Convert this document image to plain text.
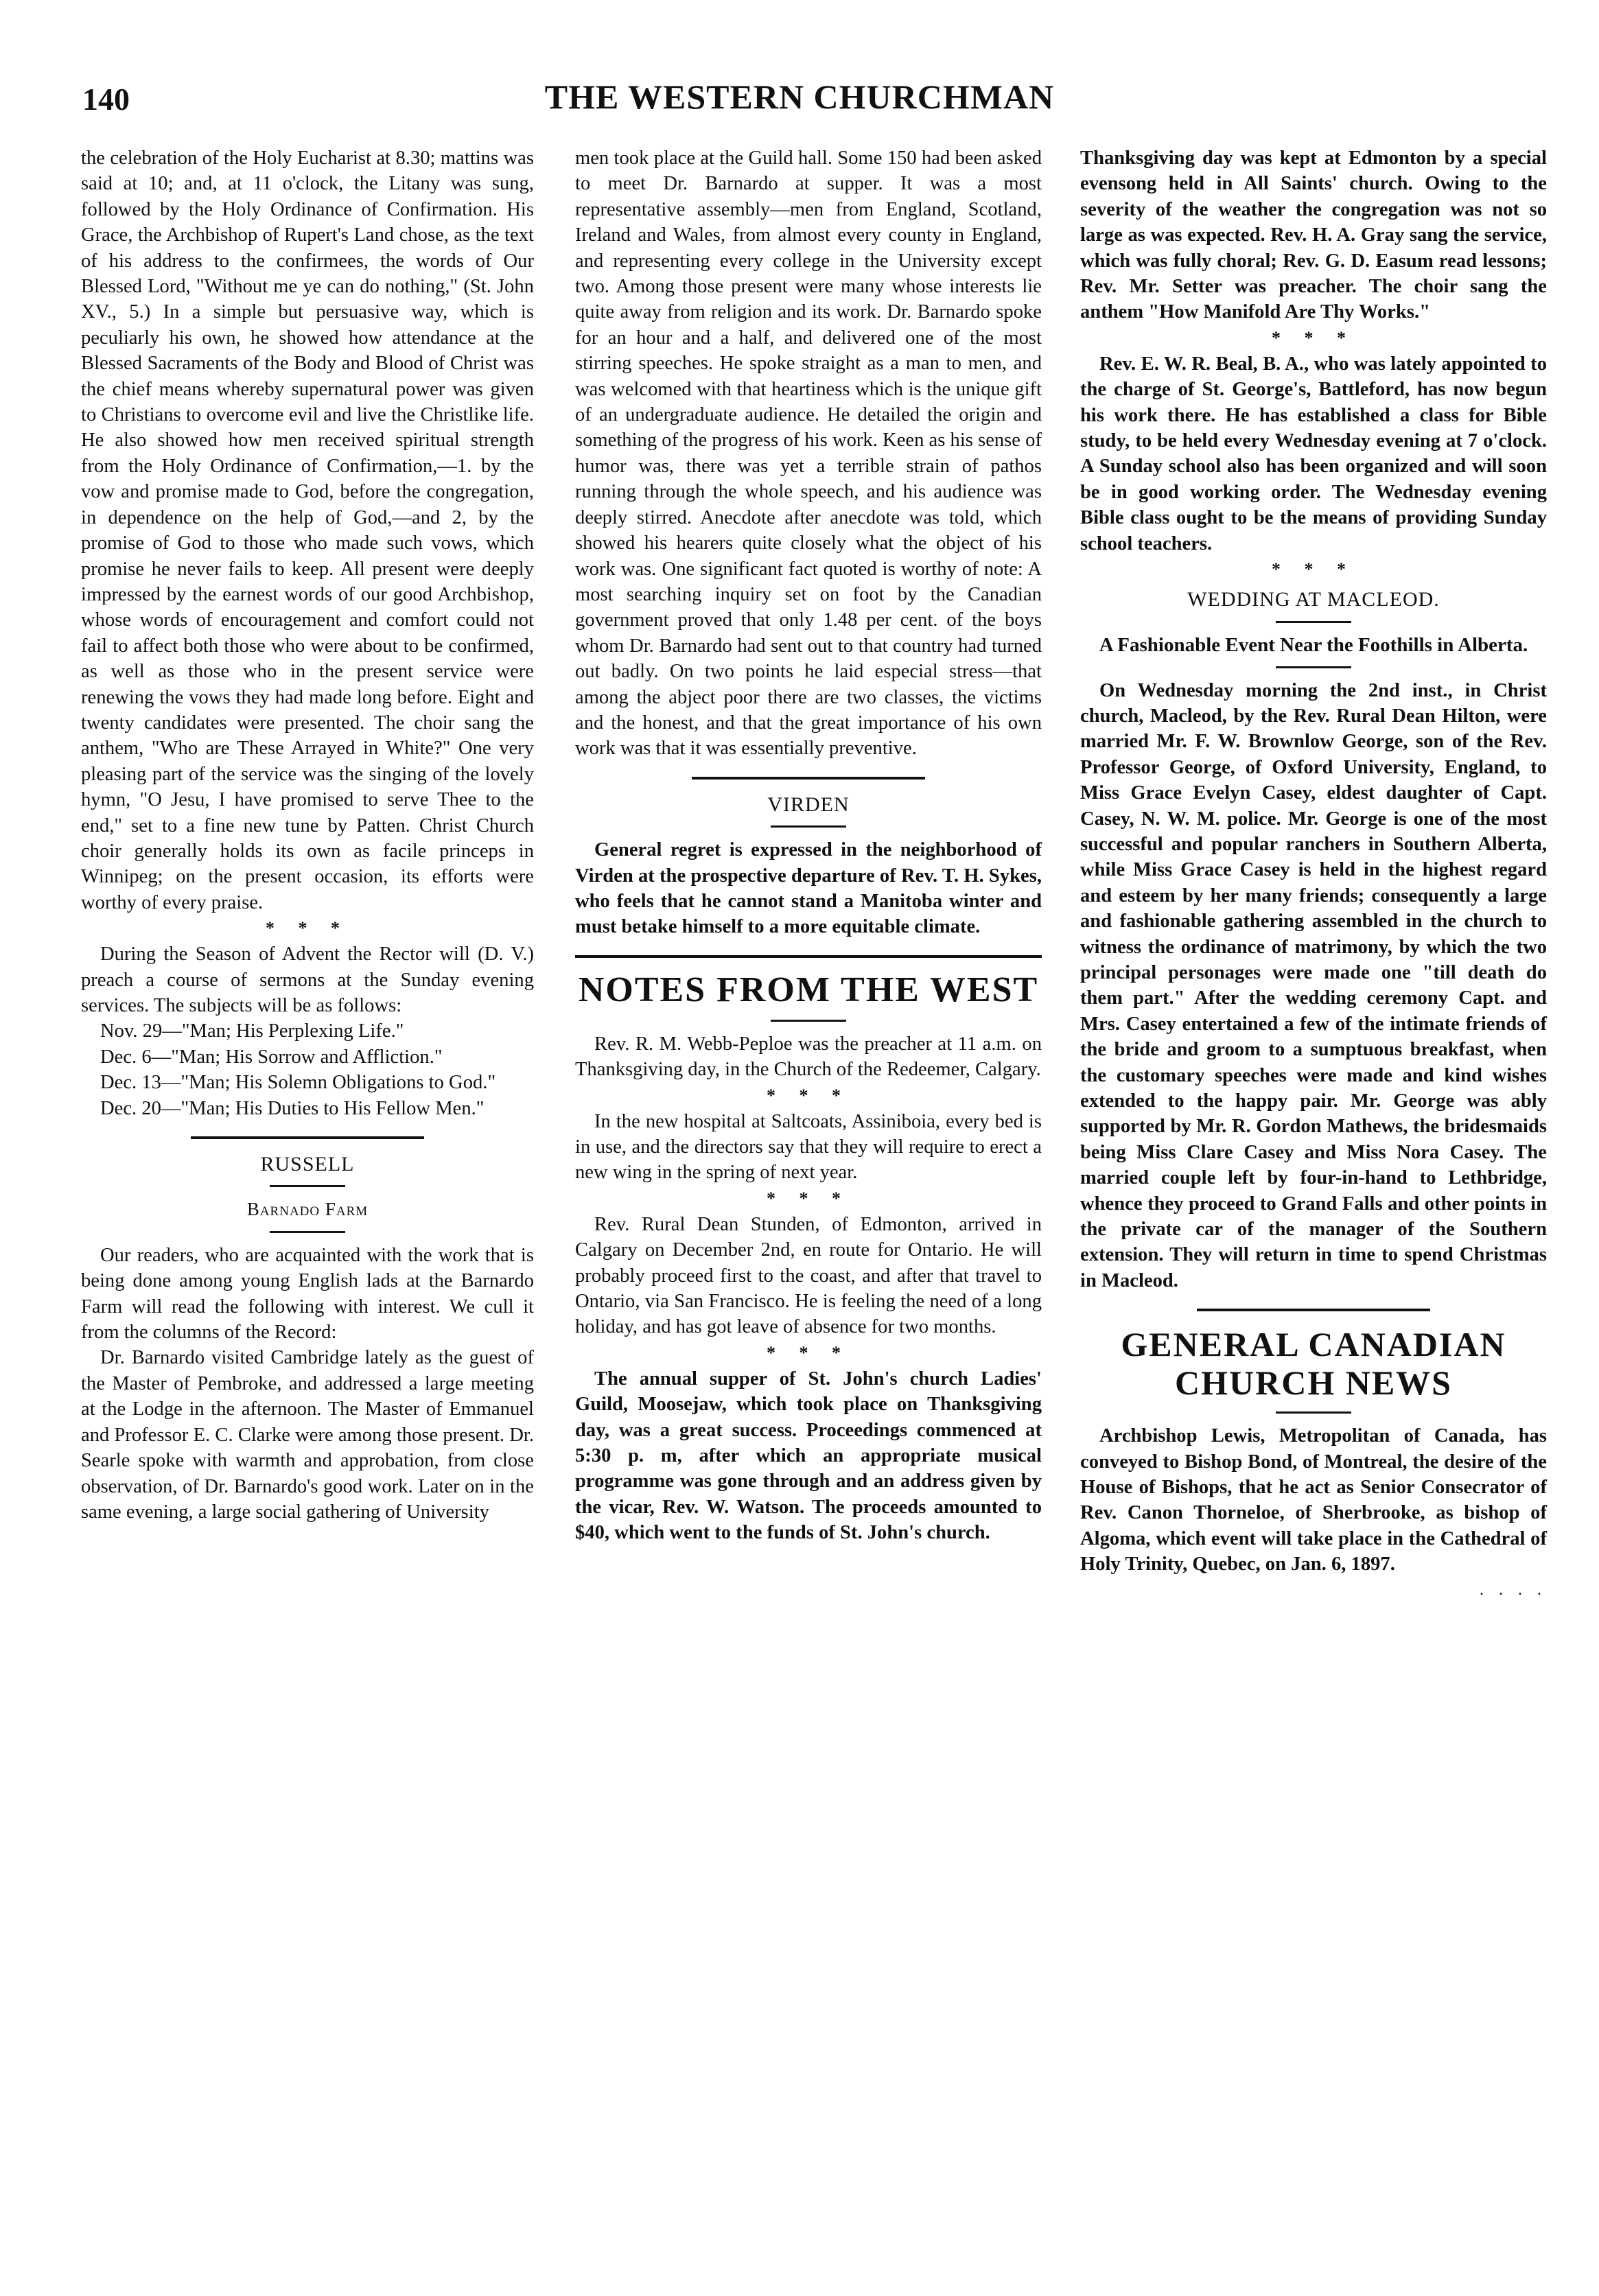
140	THE WESTERN CHURCHMAN

the celebration of the Holy Eucharist at 8.30; mattins was said at 10; and, at 11 o'clock, the Litany was sung, followed by the Holy Ordinance of Confirmation. His Grace, the Archbishop of Rupert's Land chose, as the text of his address to the confirmees, the words of Our Blessed Lord, "Without me ye can do nothing," (St. John XV., 5.) In a simple but persuasive way, which is peculiarly his own, he showed how attendance at the Blessed Sacraments of the Body and Blood of Christ was the chief means whereby supernatural power was given to Christians to overcome evil and live the Christlike life. He also showed how men received spiritual strength from the Holy Ordinance of Confirmation,—1. by the vow and promise made to God, before the congregation, in dependence on the help of God,—and 2, by the promise of God to those who made such vows, which promise he never fails to keep. All present were deeply impressed by the earnest words of our good Archbishop, whose words of encouragement and comfort could not fail to affect both those who were about to be confirmed, as well as those who in the present service were renewing the vows they had made long before. Eight and twenty candidates were presented. The choir sang the anthem, "Who are These Arrayed in White?" One very pleasing part of the service was the singing of the lovely hymn, "O Jesu, I have promised to serve Thee to the end," set to a fine new tune by Patten. Christ Church choir generally holds its own as facile princeps in Winnipeg; on the present occasion, its efforts were worthy of every praise.

* * *

During the Season of Advent the Rector will (D. V.) preach a course of sermons at the Sunday evening services. The subjects will be as follows:

Nov. 29—"Man; His Perplexing Life."

Dec. 6—"Man; His Sorrow and Affliction."

Dec. 13—"Man; His Solemn Obligations to God."

Dec. 20—"Man; His Duties to His Fellow Men."

RUSSELL
Barnado Farm

Our readers, who are acquainted with the work that is being done among young English lads at the Barnardo Farm will read the following with interest. We cull it from the columns of the Record:

Dr. Barnardo visited Cambridge lately as the guest of the Master of Pembroke, and addressed a large meeting at the Lodge in the afternoon. The Master of Emmanuel and Professor E. C. Clarke were among those present. Dr. Searle spoke with warmth and approbation, from close observation, of Dr. Barnardo's good work. Later on in the same evening, a large social gathering of University

men took place at the Guild hall. Some 150 had been asked to meet Dr. Barnardo at supper. It was a most representative assembly—men from England, Scotland, Ireland and Wales, from almost every county in England, and representing every college in the University except two. Among those present were many whose interests lie quite away from religion and its work. Dr. Barnardo spoke for an hour and a half, and delivered one of the most stirring speeches. He spoke straight as a man to men, and was welcomed with that heartiness which is the unique gift of an undergraduate audience. He detailed the origin and something of the progress of his work. Keen as his sense of humor was, there was yet a terrible strain of pathos running through the whole speech, and his audience was deeply stirred. Anecdote after anecdote was told, which showed his hearers quite closely what the object of his work was. One significant fact quoted is worthy of note: A most searching inquiry set on foot by the Canadian government proved that only 1.48 per cent. of the boys whom Dr. Barnardo had sent out to that country had turned out badly. On two points he laid especial stress—that among the abject poor there are two classes, the victims and the honest, and that the great importance of his own work was that it was essentially preventive.

VIRDEN

General regret is expressed in the neighborhood of Virden at the prospective departure of Rev. T. H. Sykes, who feels that he cannot stand a Manitoba winter and must betake himself to a more equitable climate.

NOTES FROM THE WEST

Rev. R. M. Webb-Peploe was the preacher at 11 a.m. on Thanksgiving day, in the Church of the Redeemer, Calgary.

* * *

In the new hospital at Saltcoats, Assiniboia, every bed is in use, and the directors say that they will require to erect a new wing in the spring of next year.

* * *

Rev. Rural Dean Stunden, of Edmonton, arrived in Calgary on December 2nd, en route for Ontario. He will probably proceed first to the coast, and after that travel to Ontario, via San Francisco. He is feeling the need of a long holiday, and has got leave of absence for two months.

* * *

The annual supper of St. John's church Ladies' Guild, Moosejaw, which took place on Thanksgiving day, was a great success. Proceedings commenced at 5:30 p. m, after which an appropriate musical programme was gone through and an address given by the vicar, Rev. W. Watson. The proceeds amounted to $40, which went to the funds of St. John's church.

Thanksgiving day was kept at Edmonton by a special evensong held in All Saints' church. Owing to the severity of the weather the congregation was not so large as was expected. Rev. H. A. Gray sang the service, which was fully choral; Rev. G. D. Easum read lessons; Rev. Mr. Setter was preacher. The choir sang the anthem "How Manifold Are Thy Works."

* * *

Rev. E. W. R. Beal, B. A., who was lately appointed to the charge of St. George's, Battleford, has now begun his work there. He has established a class for Bible study, to be held every Wednesday evening at 7 o'clock. A Sunday school also has been organized and will soon be in good working order. The Wednesday evening Bible class ought to be the means of providing Sunday school teachers.

* * *
WEDDING AT MACLEOD.
A Fashionable Event Near the Foothills in Alberta.

On Wednesday morning the 2nd inst., in Christ church, Macleod, by the Rev. Rural Dean Hilton, were married Mr. F. W. Brownlow George, son of the Rev. Professor George, of Oxford University, England, to Miss Grace Evelyn Casey, eldest daughter of Capt. Casey, N. W. M. police. Mr. George is one of the most successful and popular ranchers in Southern Alberta, while Miss Grace Casey is held in the highest regard and esteem by her many friends; consequently a large and fashionable gathering assembled in the church to witness the ordinance of matrimony, by which the two principal personages were made one "till death do them part." After the wedding ceremony Capt. and Mrs. Casey entertained a few of the intimate friends of the bride and groom to a sumptuous breakfast, when the customary speeches were made and kind wishes extended to the happy pair. Mr. George was ably supported by Mr. R. Gordon Mathews, the bridesmaids being Miss Clare Casey and Miss Nora Casey. The married couple left by four-in-hand to Lethbridge, whence they proceed to Grand Falls and other points in the private car of the manager of the Southern extension. They will return in time to spend Christmas in Macleod.

GENERAL CANADIAN
CHURCH NEWS

Archbishop Lewis, Metropolitan of Canada, has conveyed to Bishop Bond, of Montreal, the desire of the House of Bishops, that he act as Senior Consecrator of Rev. Canon Thorneloe, of Sherbrooke, as bishop of Algoma, which event will take place in the Cathedral of Holy Trinity, Quebec, on Jan. 6, 1897.

. . . .
